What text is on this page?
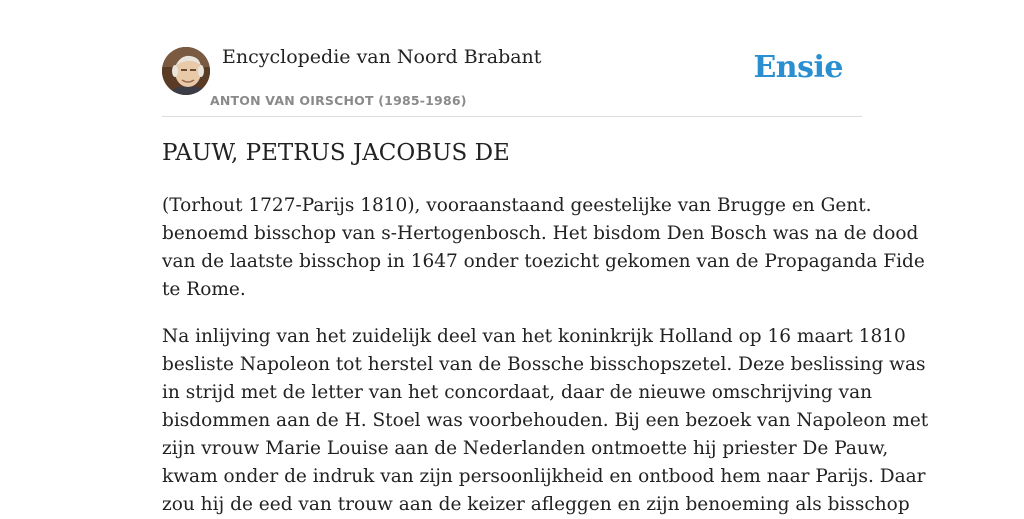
Encyclopedie van Noord Brabant
ANTON VAN OIRSCHOT (1985-1986)
Ensie
PAUW, PETRUS JACOBUS DE

(Torhout 1727-Parijs 1810), vooraanstaand geestelijke van Brugge en Gent.
benoemd bisschop van s-Hertogenbosch. Het bisdom Den Bosch was na de dood
van de laatste bisschop in 1647 onder toezicht gekomen van de Propaganda Fide
te Rome.

Na inlijving van het zuidelijk deel van het koninkrijk Holland op 16 maart 1810
besliste Napoleon tot herstel van de Bossche bisschopszetel. Deze beslissing was
in strijd met de letter van het concordaat, daar de nieuwe omschrijving van
bisdommen aan de H. Stoel was voorbehouden. Bij een bezoek van Napoleon met
zijn vrouw Marie Louise aan de Nederlanden ontmoette hij priester De Pauw,
kwam onder de indruk van zijn persoonlijkheid en ontbood hem naar Parijs. Daar
zou hij de eed van trouw aan de keizer afleggen en zijn benoeming als bisschop
